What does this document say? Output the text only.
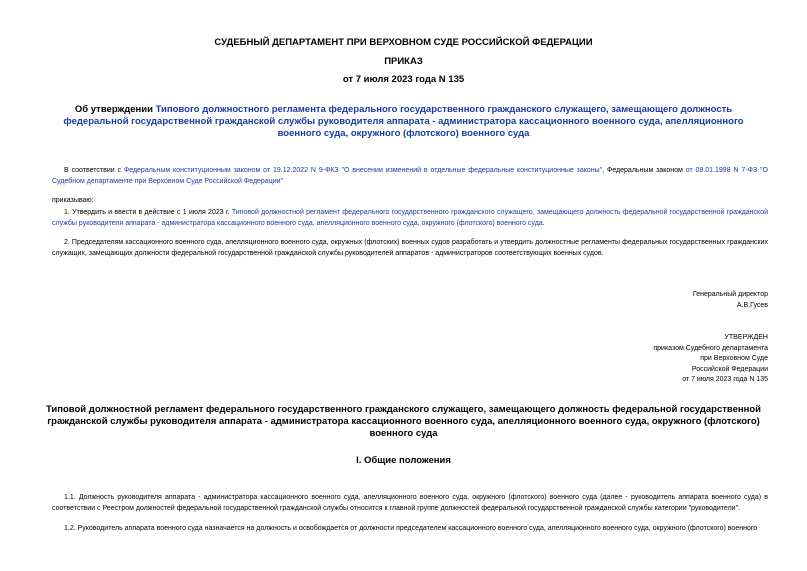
СУДЕБНЫЙ ДЕПАРТАМЕНТ ПРИ ВЕРХОВНОМ СУДЕ РОССИЙСКОЙ ФЕДЕРАЦИИ
ПРИКАЗ
от 7 июля 2023 года N 135
Об утверждении Типового должностного регламента федерального государственного гражданского служащего, замещающего должность федеральной государственной гражданской службы руководителя аппарата - администратора кассационного военного суда, апелляционного военного суда, окружного (флотского) военного суда
В соответствии с Федеральным конституционным законом от 19.12.2022 N 9-ФКЗ "О внесении изменений в отдельные федеральные конституционные законы", Федеральным законом от 08.01.1998 N 7-ФЗ "О Судебном департаменте при Верховном Суде Российской Федерации"
приказываю:
1. Утвердить и ввести в действие с 1 июля 2023 г. Типовой должностной регламент федерального государственного гражданского служащего, замещающего должность федеральной государственной гражданской службы руководителя аппарата - администратора кассационного военного суда, апелляционного военного суда, окружного (флотского) военного суда.
2. Председателям кассационного военного суда, апелляционного военного суда, окружных (флотских) военных судов разработать и утвердить должностные регламенты федеральных государственных гражданских служащих, замещающих должности федеральной государственной гражданской службы руководителей аппаратов - администраторов соответствующих военных судов.
Генеральный директор
А.В.Гусев
УТВЕРЖДЕН
приказом Судебного департамента
при Верховном Суде
Российской Федерации
от 7 июля 2023 года N 135
Типовой должностной регламент федерального государственного гражданского служащего, замещающего должность федеральной государственной гражданской службы руководителя аппарата - администратора кассационного военного суда, апелляционного военного суда, окружного (флотского) военного суда
I. Общие положения
1.1. Должность руководителя аппарата - администратора кассационного военного суда, апелляционного военного суда, окружного (флотского) военного суда (далее - руководитель аппарата военного суда) в соответствии с Реестром должностей федеральной государственной гражданской службы относится к главной группе должностей федеральной государственной гражданской службы категории "руководители".
1.2. Руководитель аппарата военного суда назначается на должность и освобождается от должности председателем кассационного военного суда, апелляционного военного суда, окружного (флотского) военного
